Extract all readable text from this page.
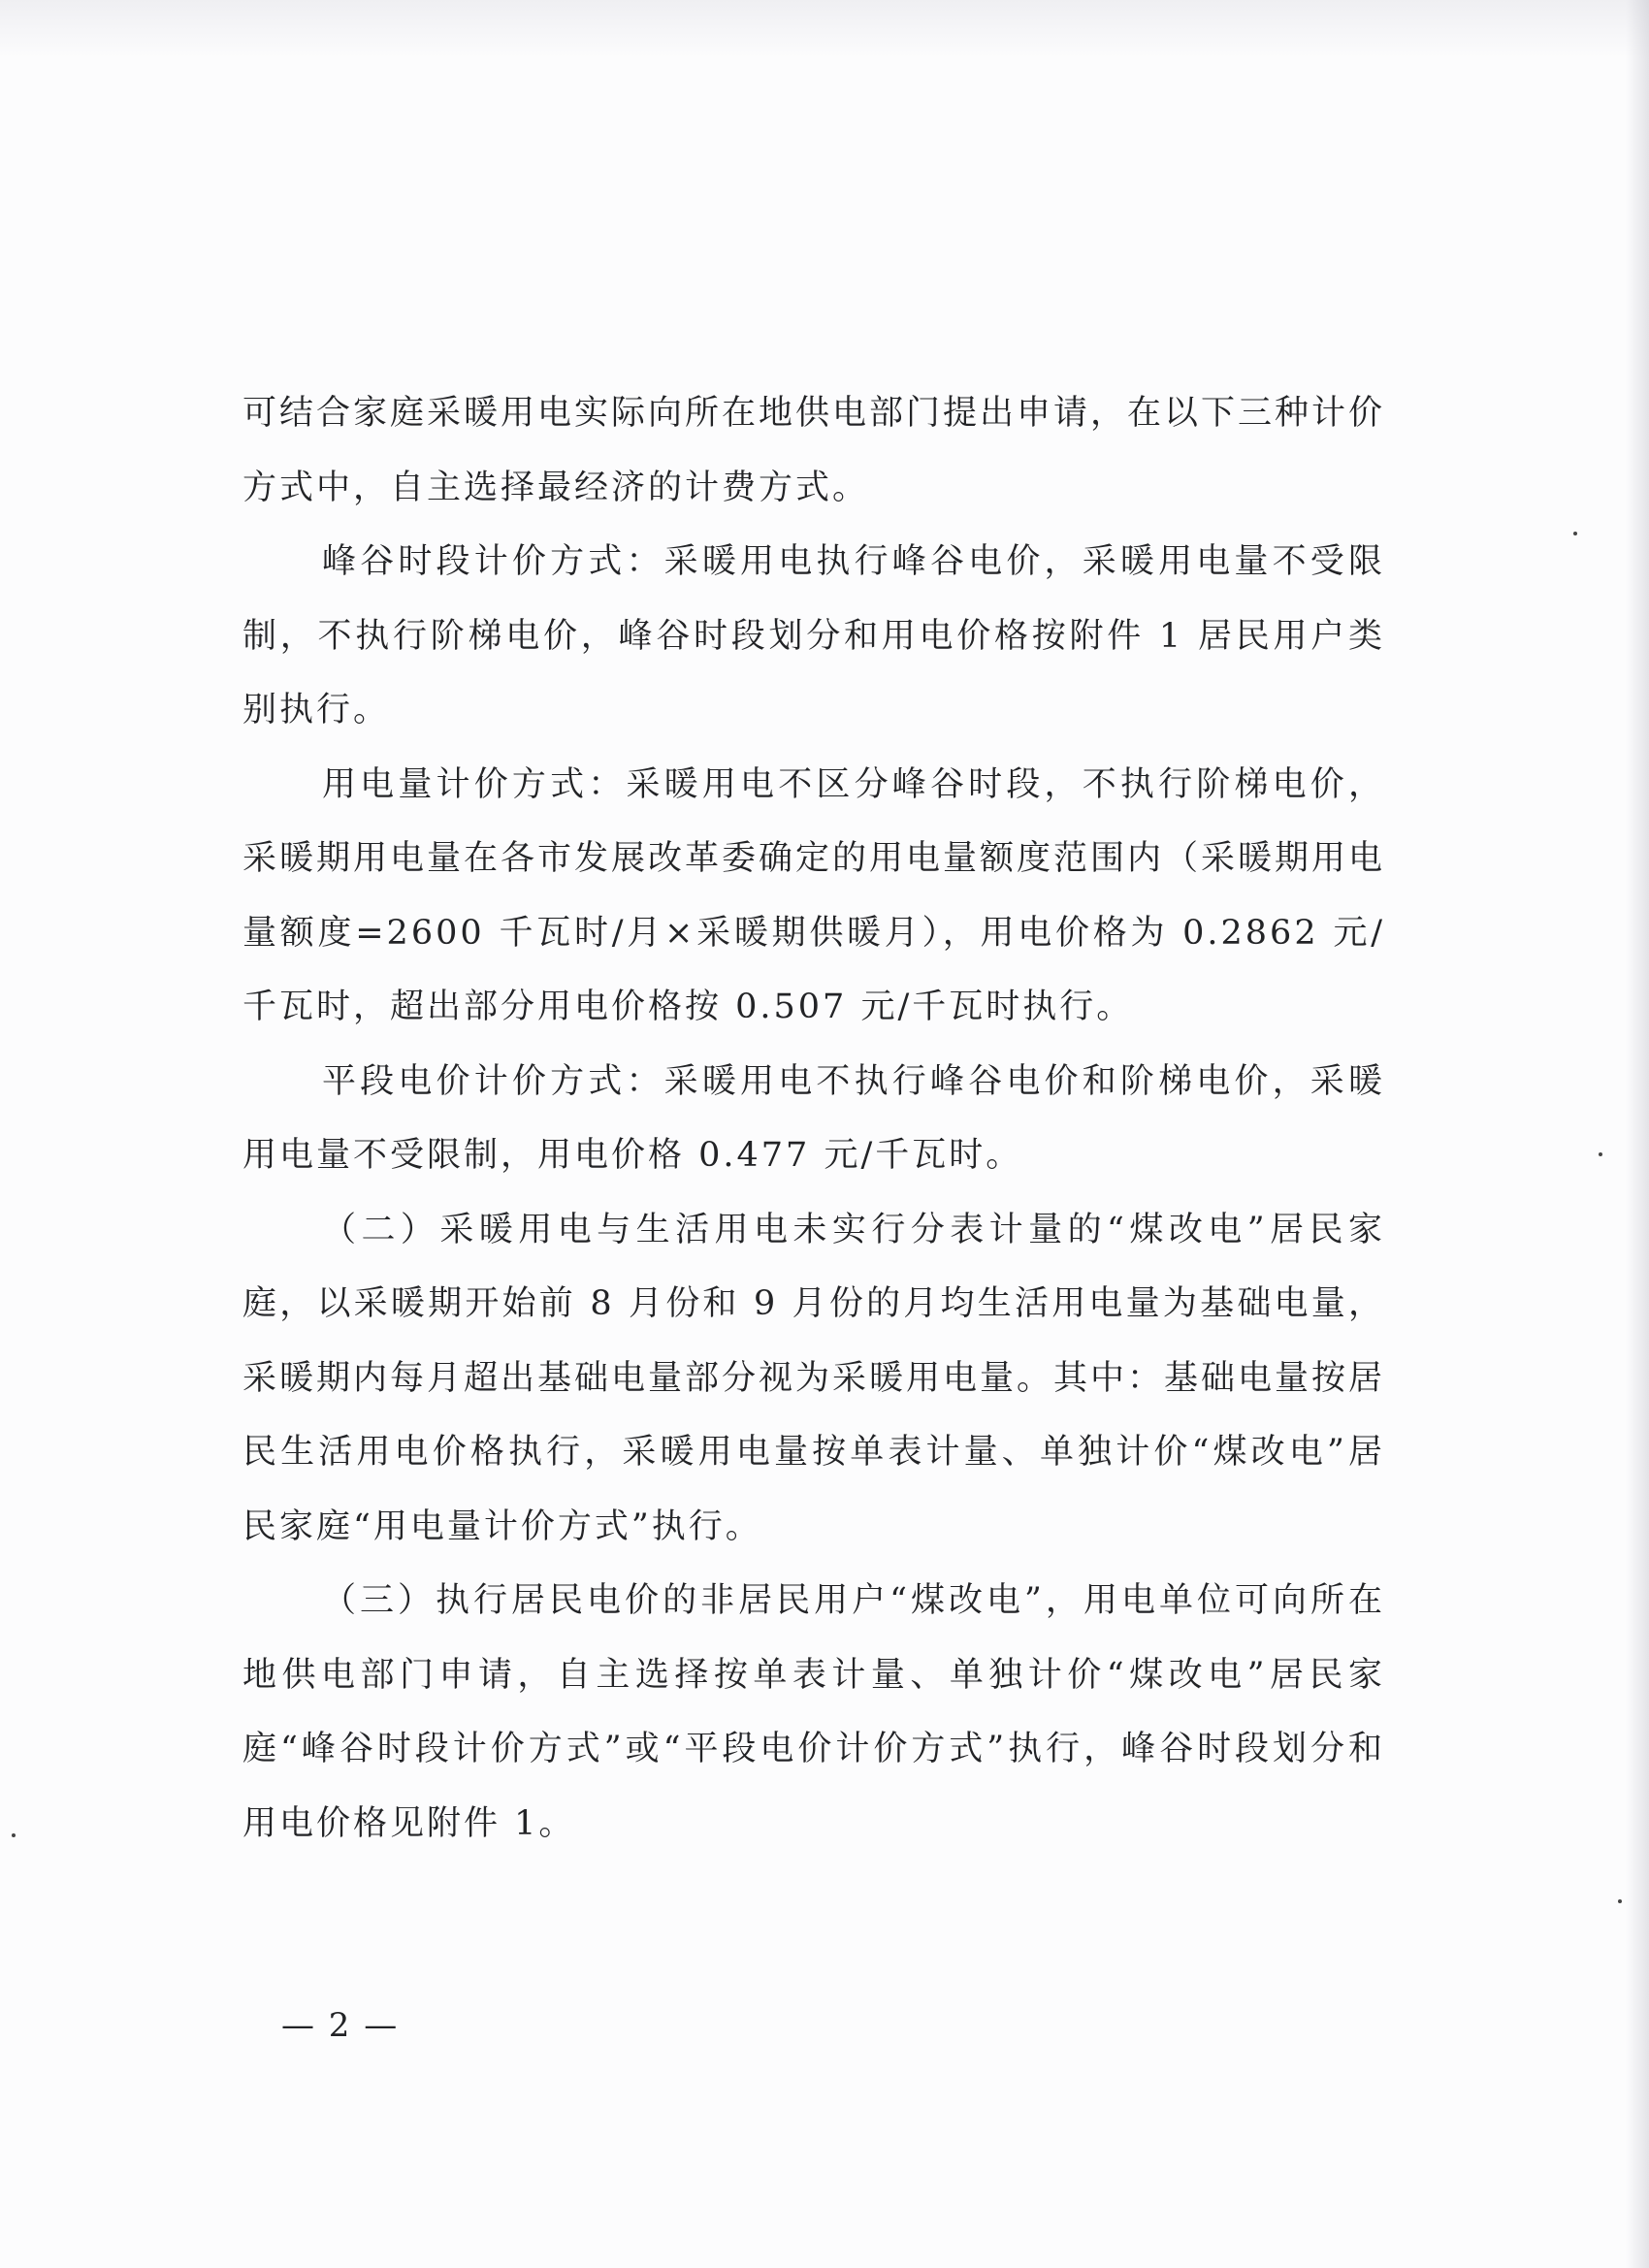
可结合家庭采暖用电实际向所在地供电部门提出申请，在以下三种计价方式中，自主选择最经济的计费方式。

峰谷时段计价方式：采暖用电执行峰谷电价，采暖用电量不受限制，不执行阶梯电价，峰谷时段划分和用电价格按附件 1 居民用户类别执行。

用电量计价方式：采暖用电不区分峰谷时段，不执行阶梯电价，采暖期用电量在各市发展改革委确定的用电量额度范围内（采暖期用电量额度=2600 千瓦时/月×采暖期供暖月），用电价格为 0.2862 元/千瓦时，超出部分用电价格按 0.507 元/千瓦时执行。

平段电价计价方式：采暖用电不执行峰谷电价和阶梯电价，采暖用电量不受限制，用电价格 0.477 元/千瓦时。

（二）采暖用电与生活用电未实行分表计量的“煤改电”居民家庭，以采暖期开始前 8 月份和 9 月份的月均生活用电量为基础电量，采暖期内每月超出基础电量部分视为采暖用电量。其中：基础电量按居民生活用电价格执行，采暖用电量按单表计量、单独计价“煤改电”居民家庭“用电量计价方式”执行。

（三）执行居民电价的非居民用户“煤改电”，用电单位可向所在地供电部门申请，自主选择按单表计量、单独计价“煤改电”居民家庭“峰谷时段计价方式”或“平段电价计价方式”执行，峰谷时段划分和用电价格见附件 1。

— 2 —
